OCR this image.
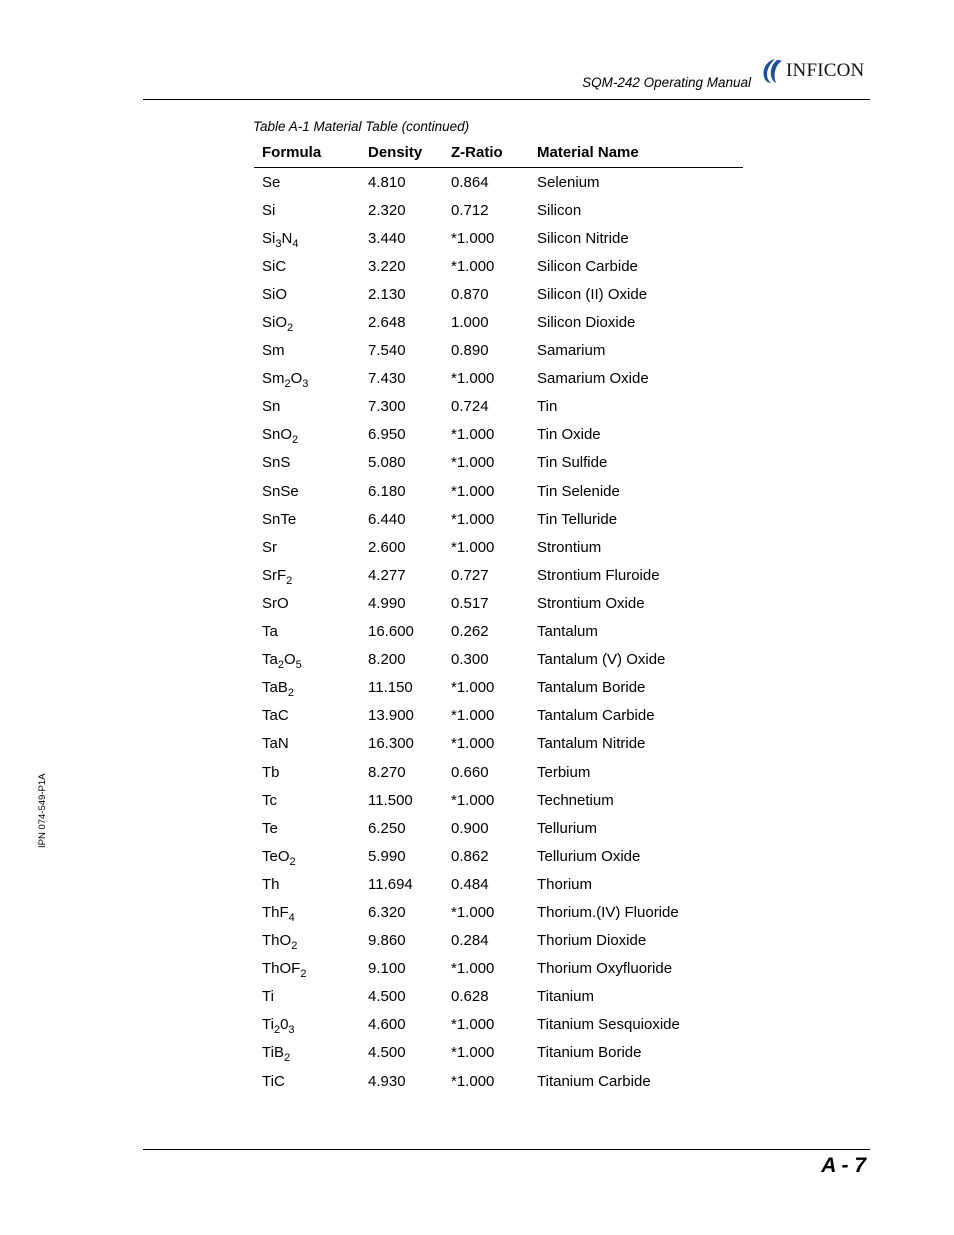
SQM-242 Operating Manual
INFICON
Table A-1 Material Table (continued)
Formula	Density	Z-Ratio	Material Name
Se	4.810	0.864	Selenium
Si	2.320	0.712	Silicon
$Si_3N_4$	3.440	*1.000	Silicon Nitride
SiC	3.220	*1.000	Silicon Carbide
SiO	2.130	0.870	Silicon (II) Oxide
SiO$_2$	2.648	1.000	Silicon Dioxide
Sm	7.540	0.890	Samarium
$Sm_2O_3$	7.430	*1.000	Samarium Oxide
Sn	7.300	0.724	Tin
SnO$_2$	6.950	*1.000	Tin Oxide
SnS	5.080	*1.000	Tin Sulfide
SnSe	6.180	*1.000	Tin Selenide
SnTe	6.440	*1.000	Tin Telluride
Sr	2.600	*1.000	Strontium
SrF$_2$	4.277	0.727	Strontium Fluroide
SrO	4.990	0.517	Strontium Oxide
Ta	16.600	0.262	Tantalum
$Ta_2O_5$	8.200	0.300	Tantalum (V) Oxide
TaB$_2$	11.150	*1.000	Tantalum Boride
TaC	13.900	*1.000	Tantalum Carbide
TaN	16.300	*1.000	Tantalum Nitride
Tb	8.270	0.660	Terbium
Tc	11.500	*1.000	Technetium
Te	6.250	0.900	Tellurium
TeO$_2$	5.990	0.862	Tellurium Oxide
Th	11.694	0.484	Thorium
ThF$_4$	6.320	*1.000	Thorium.(IV) Fluoride
ThO$_2$	9.860	0.284	Thorium Dioxide
ThOF$_2$	9.100	*1.000	Thorium Oxyfluoride
Ti	4.500	0.628	Titanium
$Ti_20_3$	4.600	*1.000	Titanium Sesquioxide
TiB$_2$	4.500	*1.000	Titanium Boride
TiC	4.930	*1.000	Titanium Carbide
IPN 074-549-P1A
A - 7
